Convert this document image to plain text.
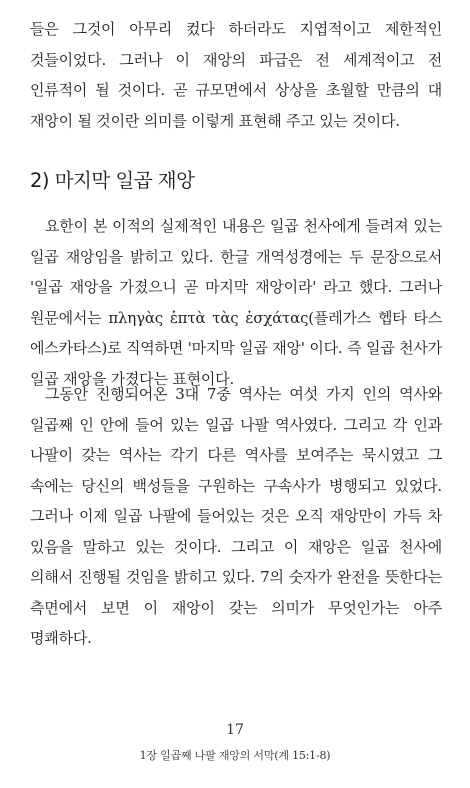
들은 그것이 아무리 컸다 하더라도 지엽적이고 제한적인 것들이었다. 그러나 이 재앙의 파급은 전 세계적이고 전 인류적이 될 것이다. 곧 규모면에서 상상을 초월할 만큼의 대 재앙이 될 것이란 의미를 이렇게 표현해 주고 있는 것이다.

2) 마지막 일곱 재앙

요한이 본 이적의 실제적인 내용은 일곱 천사에게 들려져 있는 일곱 재앙임을 밝히고 있다. 한글 개역성경에는 두 문장으로서 '일곱 재앙을 가졌으니 곧 마지막 재앙이라' 라고 했다. 그러나 원문에서는 πληγὰς ἑπτὰ τὰς ἐσχάτας(플레가스 헵타 타스 에스카타스)로 직역하면 '마지막 일곱 재앙' 이다. 즉 일곱 천사가 일곱 재앙을 가졌다는 표현이다.

그동안 진행되어온 3대 7중 역사는 여섯 가지 인의 역사와 일곱째 인 안에 들어 있는 일곱 나팔 역사였다. 그리고 각 인과 나팔이 갖는 역사는 각기 다른 역사를 보여주는 묵시였고 그 속에는 당신의 백성들을 구원하는 구속사가 병행되고 있었다. 그러나 이제 일곱 나팔에 들어있는 것은 오직 재앙만이 가득 차 있음을 말하고 있는 것이다. 그리고 이 재앙은 일곱 천사에 의해서 진행될 것임을 밝히고 있다. 7의 숫자가 완전을 뜻한다는 측면에서 보면 이 재앙이 갖는 의미가 무엇인가는 아주 명쾌하다.

17

1장 일곱째 나팔 재앙의 서막(계 15:1-8)
